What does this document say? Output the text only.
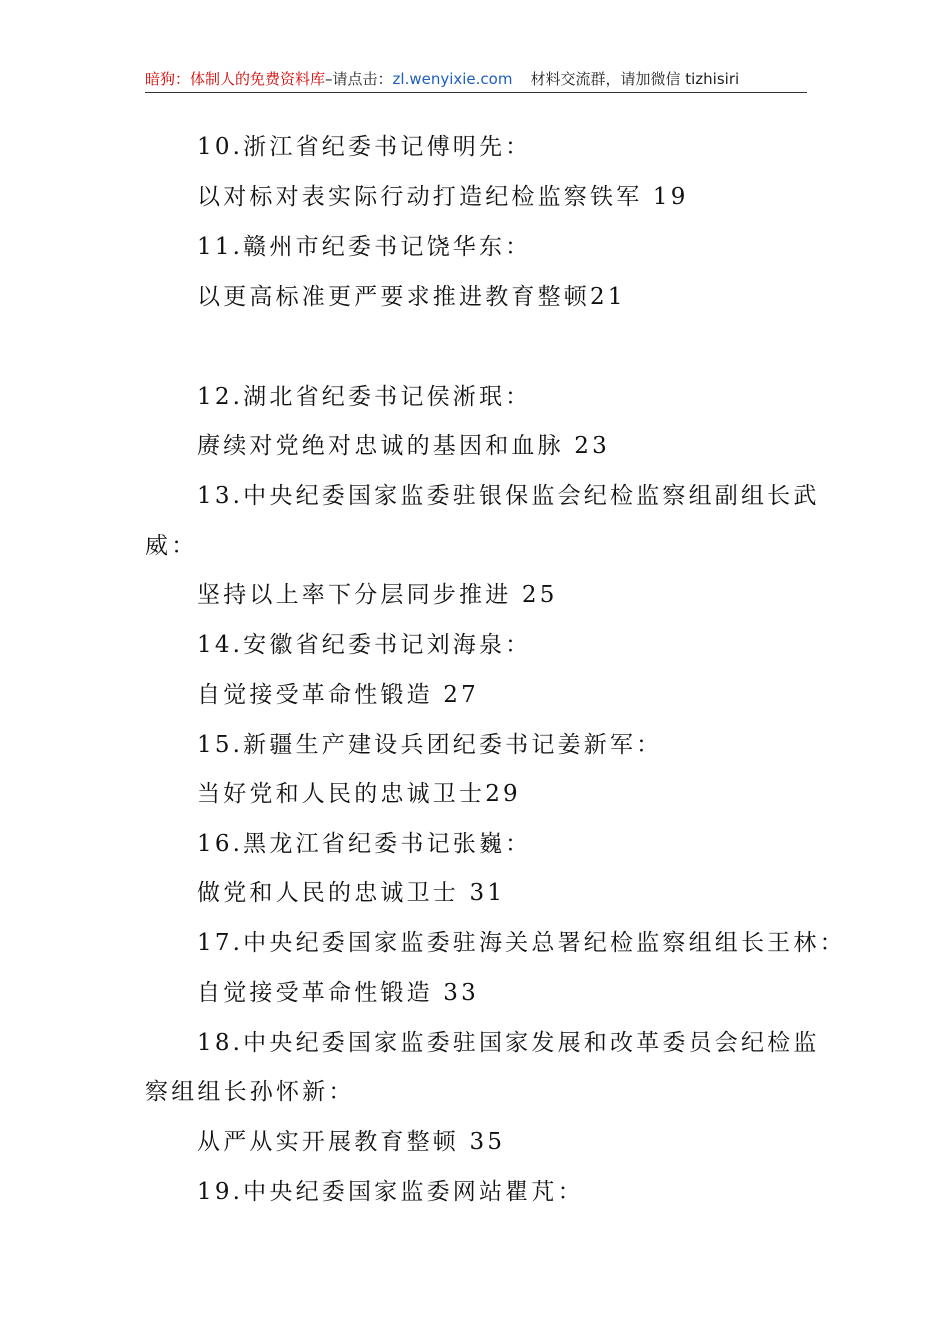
暗狗：体制人的免费资料库–请点击：zl.wenyixie.com 材料交流群，请加微信 tizhisiri
10.浙江省纪委书记傅明先：
以对标对表实际行动打造纪检监察铁军 19
11.赣州市纪委书记饶华东：
以更高标准更严要求推进教育整顿21
12.湖北省纪委书记侯淅珉：
赓续对党绝对忠诚的基因和血脉 23
13.中央纪委国家监委驻银保监会纪检监察组副组长武
威：
坚持以上率下分层同步推进 25
14.安徽省纪委书记刘海泉：
自觉接受革命性锻造 27
15.新疆生产建设兵团纪委书记姜新军：
当好党和人民的忠诚卫士29
16.黑龙江省纪委书记张巍：
做党和人民的忠诚卫士 31
17.中央纪委国家监委驻海关总署纪检监察组组长王林：
自觉接受革命性锻造 33
18.中央纪委国家监委驻国家发展和改革委员会纪检监
察组组长孙怀新：
从严从实开展教育整顿 35
19.中央纪委国家监委网站瞿芃：
